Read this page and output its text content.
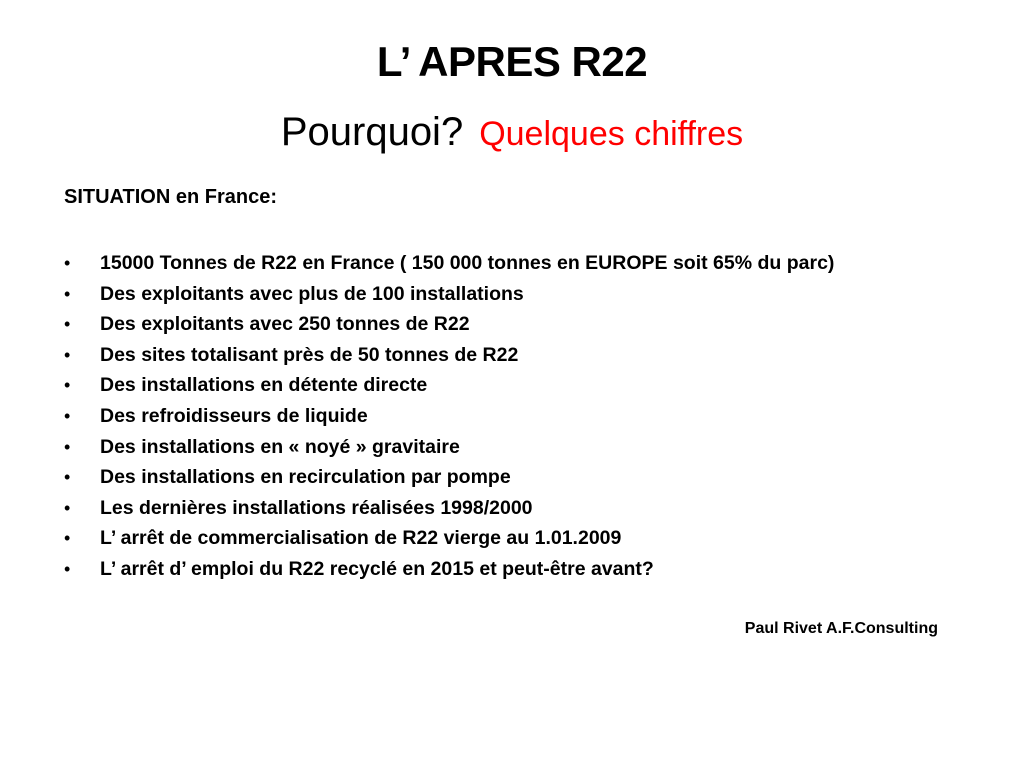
L’ APRES R22
Pourquoi? Quelques chiffres
SITUATION en France:
•	15000 Tonnes de R22 en France ( 150 000 tonnes en EUROPE soit 65% du parc)
•	Des exploitants avec plus de 100 installations
•	Des exploitants avec 250 tonnes de R22
•	Des sites totalisant près de 50 tonnes de R22
•	Des installations en détente directe
•	Des refroidisseurs de liquide
•	Des installations en « noyé » gravitaire
•	Des installations en recirculation par pompe
•	Les dernières installations réalisées 1998/2000
•	L’ arrêt de commercialisation de R22 vierge au 1.01.2009
•	L’ arrêt d’ emploi du R22 recyclé en 2015 et peut-être avant?
Paul Rivet A.F.Consulting
